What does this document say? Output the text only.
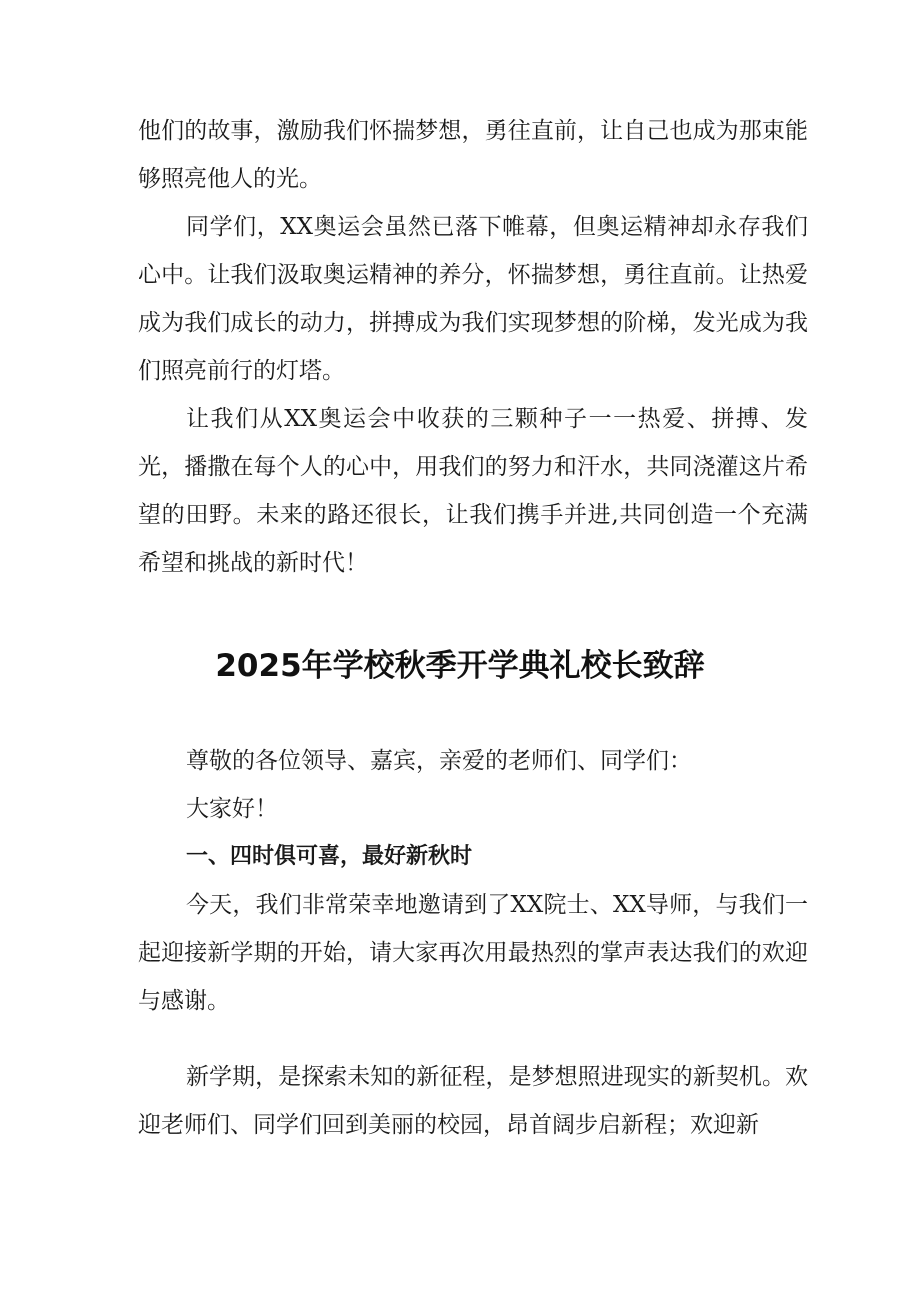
他们的故事，激励我们怀揣梦想，勇往直前，让自己也成为那束能够照亮他人的光。

同学们，XX奥运会虽然已落下帷幕，但奥运精神却永存我们心中。让我们汲取奥运精神的养分，怀揣梦想，勇往直前。让热爱成为我们成长的动力，拼搏成为我们实现梦想的阶梯，发光成为我们照亮前行的灯塔。

让我们从XX奥运会中收获的三颗种子一一热爱、拼搏、发光，播撒在每个人的心中，用我们的努力和汗水，共同浇灌这片希望的田野。未来的路还很长，让我们携手并进,共同创造一个充满希望和挑战的新时代！

2025年学校秋季开学典礼校长致辞

尊敬的各位领导、嘉宾，亲爱的老师们、同学们：

大家好！

一、四时俱可喜，最好新秋时

今天，我们非常荣幸地邀请到了XX院士、XX导师，与我们一起迎接新学期的开始，请大家再次用最热烈的掌声表达我们的欢迎与感谢。

新学期，是探索未知的新征程，是梦想照进现实的新契机。欢迎老师们、同学们回到美丽的校园，昂首阔步启新程；欢迎新
